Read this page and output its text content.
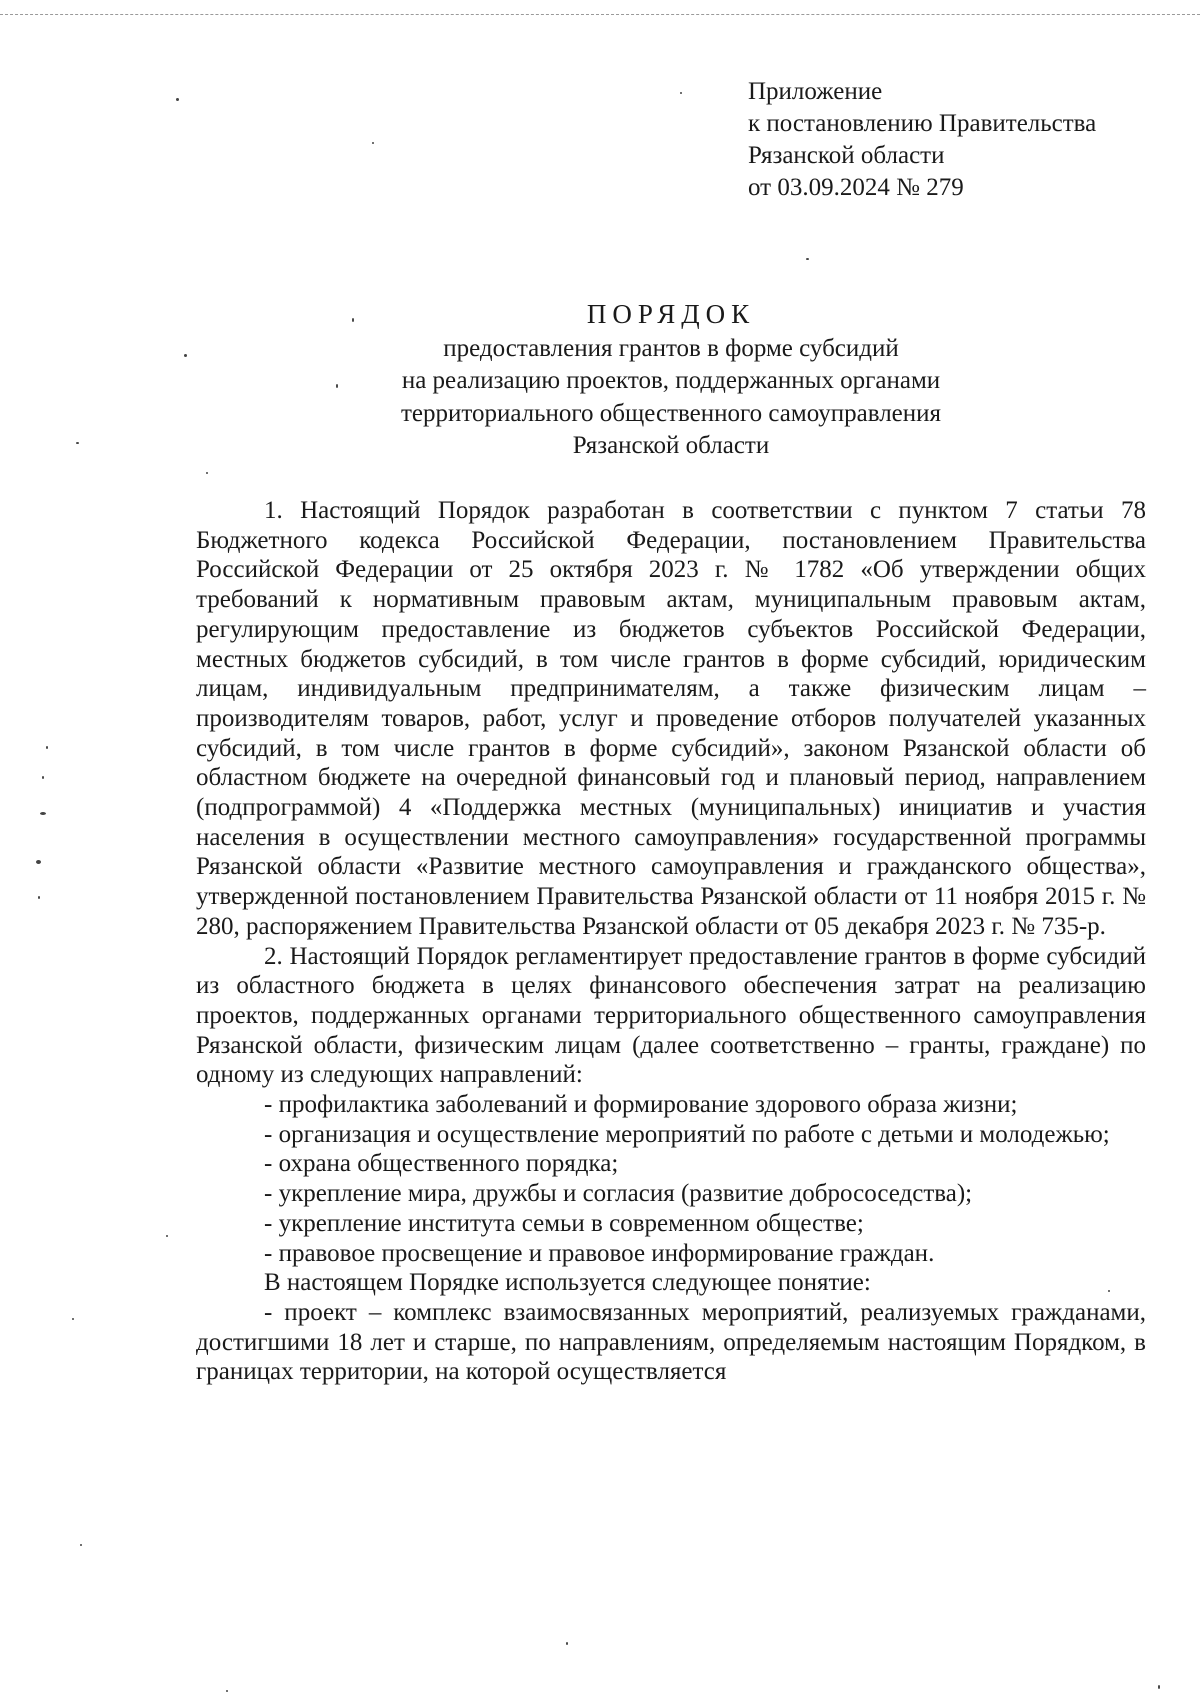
Приложение
к постановлению Правительства
Рязанской области
от 03.09.2024 № 279
ПОРЯДОК
предоставления грантов в форме субсидий
на реализацию проектов, поддержанных органами
территориального общественного самоуправления
Рязанской области

1. Настоящий Порядок разработан в соответствии с пунктом 7 статьи 78 Бюджетного кодекса Российской Федерации, постановлением Правительства Российской Федерации от 25 октября 2023 г. № 1782 «Об утверждении общих требований к нормативным правовым актам, муниципальным правовым актам, регулирующим предоставление из бюджетов субъектов Российской Федерации, местных бюджетов субсидий, в том числе грантов в форме субсидий, юридическим лицам, индивидуальным предпринимателям, а также физическим лицам – производителям товаров, работ, услуг и проведение отборов получателей указанных субсидий, в том числе грантов в форме субсидий», законом Рязанской области об областном бюджете на очередной финансовый год и плановый период, направлением (подпрограммой) 4 «Поддержка местных (муниципальных) инициатив и участия населения в осуществлении местного самоуправления» государственной программы Рязанской области «Развитие местного самоуправления и гражданского общества», утвержденной постановлением Правительства Рязанской области от 11 ноября 2015 г. № 280, распоряжением Правительства Рязанской области от 05 декабря 2023 г. № 735-р.

2. Настоящий Порядок регламентирует предоставление грантов в форме субсидий из областного бюджета в целях финансового обеспечения затрат на реализацию проектов, поддержанных органами территориального общественного самоуправления Рязанской области, физическим лицам (далее соответственно – гранты, граждане) по одному из следующих направлений:

- профилактика заболеваний и формирование здорового образа жизни;

- организация и осуществление мероприятий по работе с детьми и молодежью;

- охрана общественного порядка;

- укрепление мира, дружбы и согласия (развитие добрососедства);

- укрепление института семьи в современном обществе;

- правовое просвещение и правовое информирование граждан.

В настоящем Порядке используется следующее понятие:

- проект – комплекс взаимосвязанных мероприятий, реализуемых гражданами, достигшими 18 лет и старше, по направлениям, определяемым настоящим Порядком, в границах территории, на которой осуществляется
